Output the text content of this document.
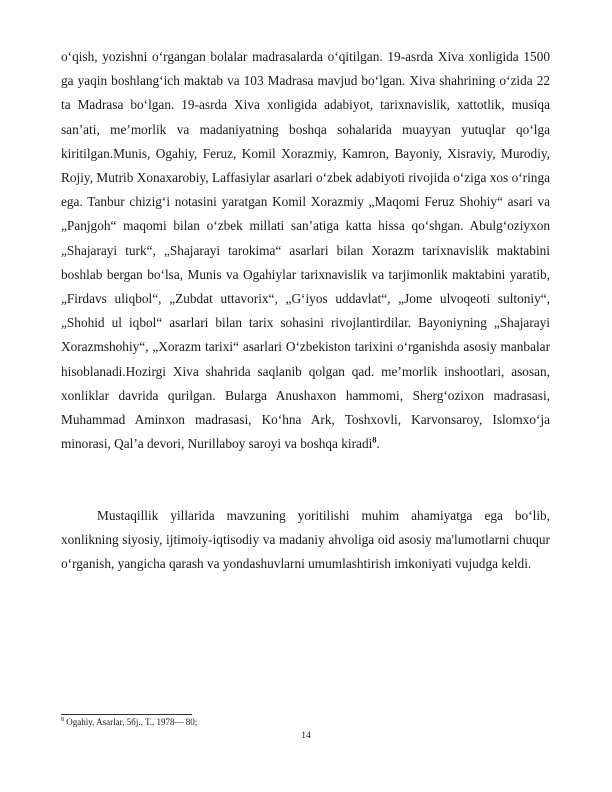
o‘qish, yozishni o‘rgangan bolalar madrasalarda o‘qitilgan. 19-asrda Xiva xonligida 1500 ga yaqin boshlang‘ich maktab va 103 Madrasa mavjud bo‘lgan. Xiva shahrining o‘zida 22 ta Madrasa bo‘lgan. 19-asrda Xiva xonligida adabiyot, tarixnavislik, xattotlik, musiqa san’ati, me’morlik va madaniyatning boshqa sohalarida muayyan yutuqlar qo‘lga kiritilgan.Munis, Ogahiy, Feruz, Komil Xorazmiy, Kamron, Bayoniy, Xisraviy, Murodiy, Rojiy, Mutrib Xonaxarobiy, Laffasiylar asarlari o‘zbek adabiyoti rivojida o‘ziga xos o‘ringa ega. Tanbur chizig‘i notasini yaratgan Komil Xorazmiy „Maqomi Feruz Shohiy“ asari va „Panjgoh“ maqomi bilan o‘zbek millati san’atiga katta hissa qo‘shgan. Abulg‘oziyxon „Shajarayi turk“, „Shajarayi tarokima“ asarlari bilan Xorazm tarixnavislik maktabini boshlab bergan bo‘lsa, Munis va Ogahiylar tarixnavislik va tarjimonlik maktabini yaratib, „Firdavs uliqbol“, „Zubdat uttavorix“, „G‘iyos uddavlat“, „Jome ulvoqeoti sultoniy“, „Shohid ul iqbol“ asarlari bilan tarix sohasini rivojlantirdilar. Bayoniyning „Shajarayi Xorazmshohiy“, „Xorazm tarixi“ asarlari O‘zbekiston tarixini o‘rganishda asosiy manbalar hisoblanadi.Hozirgi Xiva shahrida saqlanib qolgan qad. me’morlik inshootlari, asosan, xonliklar davrida qurilgan. Bularga Anushaxon hammomi, Sherg‘ozixon madrasasi, Muhammad Aminxon madrasasi, Ko‘hna Ark, Toshxovli, Karvonsaroy, Islomxo‘ja minorasi, Qal’a devori, Nurillaboy saroyi va boshqa kiradi$^8$.

Mustaqillik yillarida mavzuning yoritilishi muhim ahamiyatga ega bo‘lib, xonlikning siyosiy, ijtimoiy-iqtisodiy va madaniy ahvoliga oid asosiy ma'lumotlarni chuqur o‘rganish, yangicha qarash va yondashuvlarni umumlashtirish imkoniyati vujudga keldi.

$^8$ Ogahiy, Asarlar, 5бj., T., 1978— 80;
14
